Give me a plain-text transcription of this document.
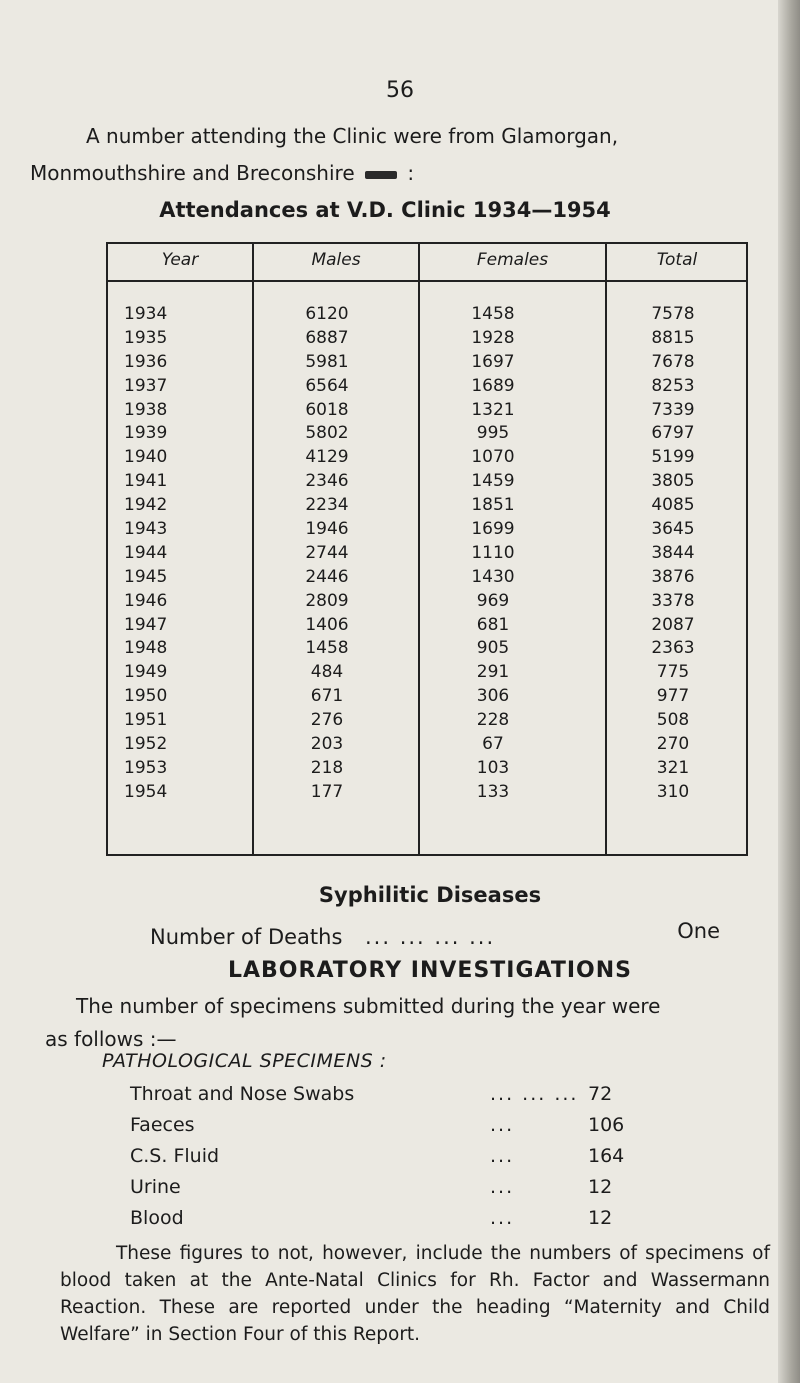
56
A number attending the Clinic were from Glamorgan,
Monmouthshire and Breconshire	:
Attendances at V.D. Clinic 1934—1954
Year	Males	Females	Total
1934	6120	1458	7578
1935	6887	1928	8815
1936	5981	1697	7678
1937	6564	1689	8253
1938	6018	1321	7339
1939	5802	995	6797
1940	4129	1070	5199
1941	2346	1459	3805
1942	2234	1851	4085
1943	1946	1699	3645
1944	2744	1110	3844
1945	2446	1430	3876
1946	2809	969	3378
1947	1406	681	2087
1948	1458	905	2363
1949	484	291	775
1950	671	306	977
1951	276	228	508
1952	203	67	270
1953	218	103	321
1954	177	133	310
Syphilitic Diseases
Number of Deaths ... ... ... ...	One
LABORATORY INVESTIGATIONS
The number of specimens submitted during the year were
as follows :—
PATHOLOGICAL SPECIMENS :
Throat and Nose Swabs	... ... ... 72
Faeces	...	106
C.S. Fluid	...	164
Urine	...	12
Blood	...	12
These figures to not, however, include the numbers of specimens of blood taken at the Ante-Natal Clinics for Rh. Factor and Wassermann Reaction. These are reported under the heading “Maternity and Child Welfare” in Section Four of this Report.
